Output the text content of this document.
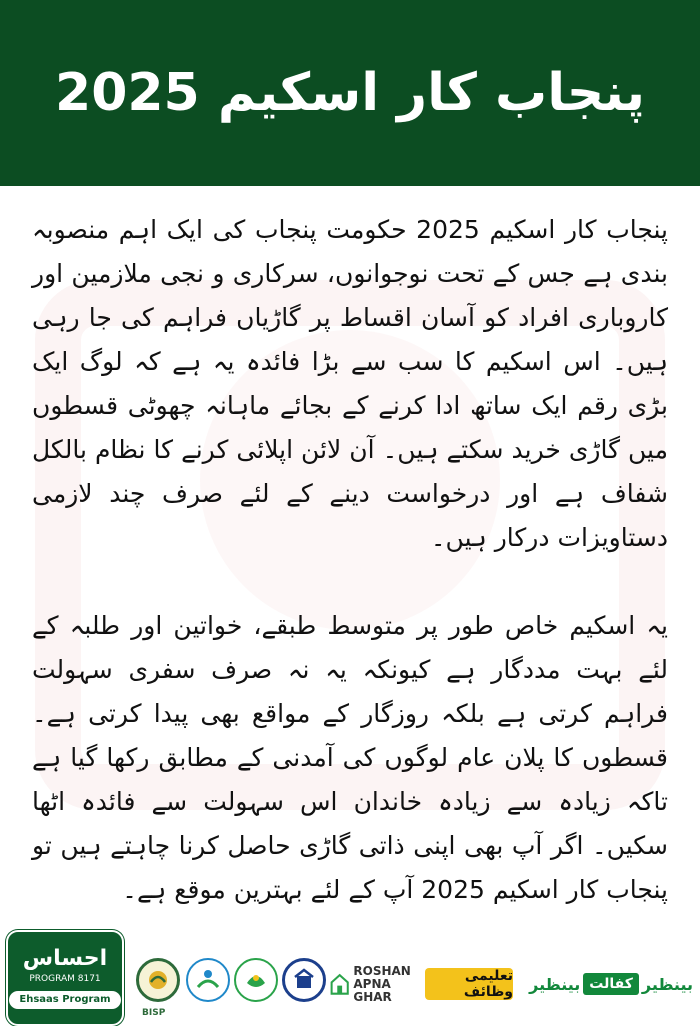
پنجاب کار اسکیم 2025

پنجاب کار اسکیم 2025 حکومت پنجاب کی ایک اہم منصوبہ بندی ہے جس کے تحت نوجوانوں، سرکاری و نجی ملازمین اور کاروباری افراد کو آسان اقساط پر گاڑیاں فراہم کی جا رہی ہیں۔ اس اسکیم کا سب سے بڑا فائدہ یہ ہے کہ لوگ ایک بڑی رقم ایک ساتھ ادا کرنے کے بجائے ماہانہ چھوٹی قسطوں میں گاڑی خرید سکتے ہیں۔ آن لائن اپلائی کرنے کا نظام بالکل شفاف ہے اور درخواست دینے کے لئے صرف چند لازمی دستاویزات درکار ہیں۔

یہ اسکیم خاص طور پر متوسط طبقے، خواتین اور طلبہ کے لئے بہت مددگار ہے کیونکہ یہ نہ صرف سفری سہولت فراہم کرتی ہے بلکہ روزگار کے مواقع بھی پیدا کرتی ہے۔ قسطوں کا پلان عام لوگوں کی آمدنی کے مطابق رکھا گیا ہے تاکہ زیادہ سے زیادہ خاندان اس سہولت سے فائدہ اٹھا سکیں۔ اگر آپ بھی اپنی ذاتی گاڑی حاصل کرنا چاہتے ہیں تو پنجاب کار اسکیم 2025 آپ کے لئے بہترین موقع ہے۔

احساس
PROGRAM 8171
Ehsaas Program
BISP
ROSHAN
APNA GHAR
تعلیمی وظائف	بینظیر
کفالت
بینظیر
